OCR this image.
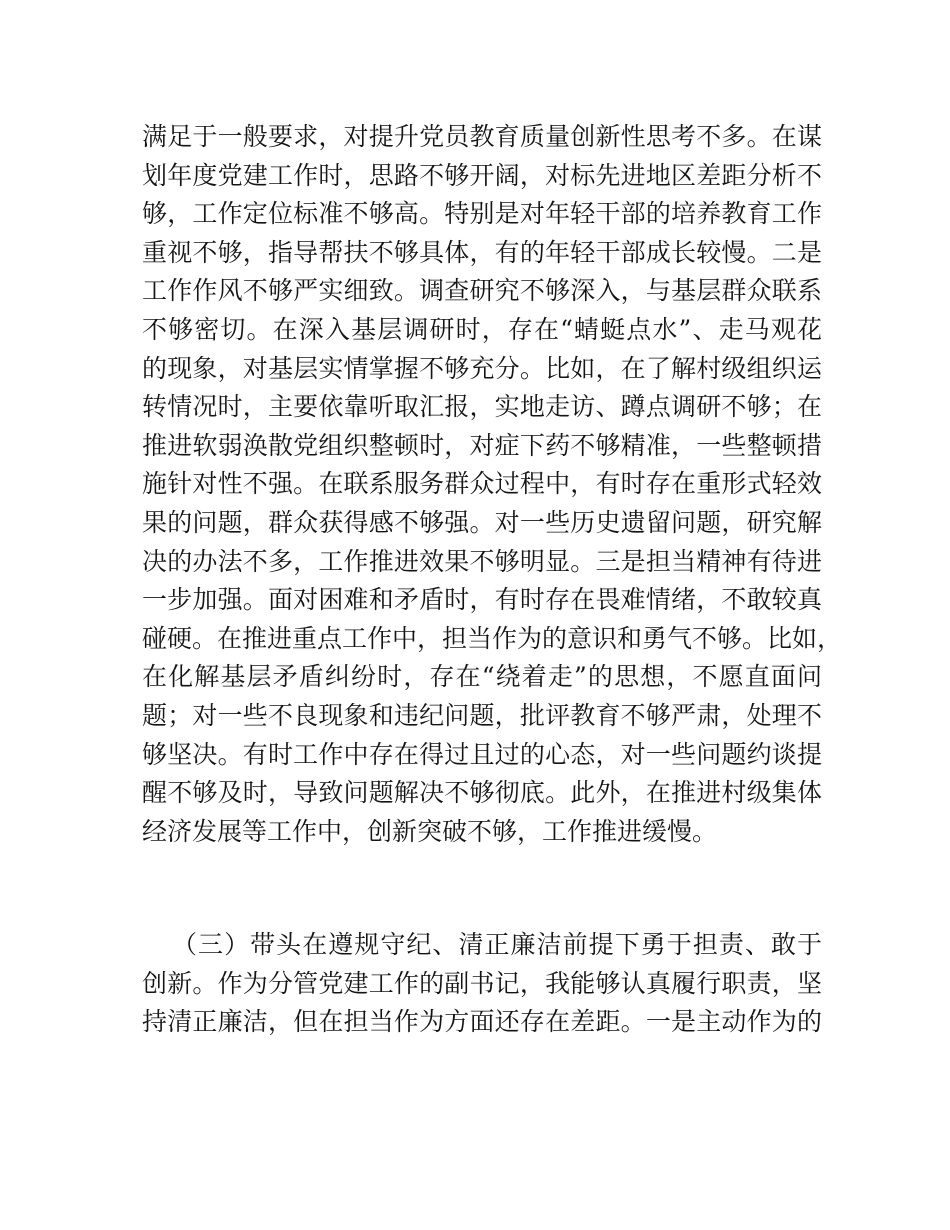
满足于一般要求，对提升党员教育质量创新性思考不多。在谋
划年度党建工作时，思路不够开阔，对标先进地区差距分析不
够，工作定位标准不够高。特别是对年轻干部的培养教育工作
重视不够，指导帮扶不够具体，有的年轻干部成长较慢。二是
工作作风不够严实细致。调查研究不够深入，与基层群众联系
不够密切。在深入基层调研时，存在“蜻蜓点水”、走马观花
的现象，对基层实情掌握不够充分。比如，在了解村级组织运
转情况时，主要依靠听取汇报，实地走访、蹲点调研不够；在
推进软弱涣散党组织整顿时，对症下药不够精准，一些整顿措
施针对性不强。在联系服务群众过程中，有时存在重形式轻效
果的问题，群众获得感不够强。对一些历史遗留问题，研究解
决的办法不多，工作推进效果不够明显。三是担当精神有待进
一步加强。面对困难和矛盾时，有时存在畏难情绪，不敢较真
碰硬。在推进重点工作中，担当作为的意识和勇气不够。比如，
在化解基层矛盾纠纷时，存在“绕着走”的思想，不愿直面问
题；对一些不良现象和违纪问题，批评教育不够严肃，处理不
够坚决。有时工作中存在得过且过的心态，对一些问题约谈提
醒不够及时，导致问题解决不够彻底。此外，在推进村级集体
经济发展等工作中，创新突破不够，工作推进缓慢。
（三）带头在遵规守纪、清正廉洁前提下勇于担责、敢于
创新。作为分管党建工作的副书记，我能够认真履行职责，坚
持清正廉洁，但在担当作为方面还存在差距。一是主动作为的
